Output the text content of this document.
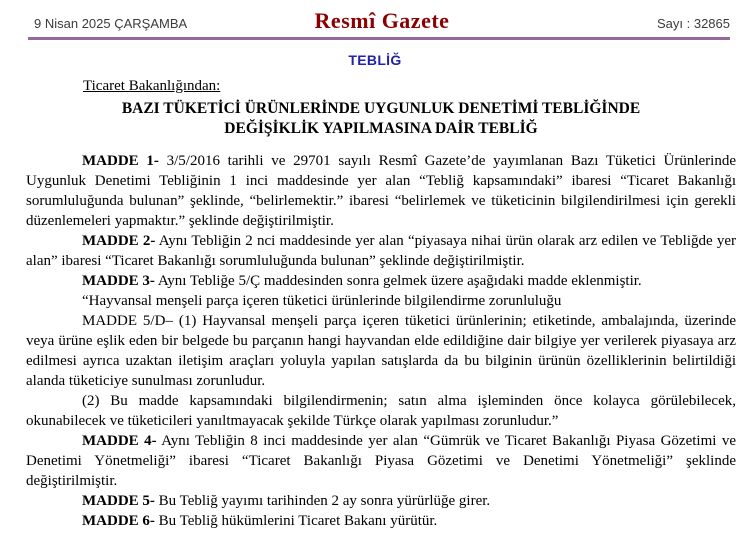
9 Nisan 2025 ÇARŞAMBA	Resmî Gazete	Sayı : 32865
TEBLİĞ
Ticaret Bakanlığından:
BAZI TÜKETİCİ ÜRÜNLERİNDE UYGUNLUK DENETİMİ TEBLİĞİNDE
DEĞİŞİKLİK YAPILMASINA DAİR TEBLİĞ

MADDE 1- 3/5/2016 tarihli ve 29701 sayılı Resmî Gazete’de yayımlanan Bazı Tüketici Ürünlerinde Uygunluk Denetimi Tebliğinin 1 inci maddesinde yer alan “Tebliğ kapsamındaki” ibaresi “Ticaret Bakanlığı sorumluluğunda bulunan” şeklinde, “belirlemektir.” ibaresi “belirlemek ve tüketicinin bilgilendirilmesi için gerekli düzenlemeleri yapmaktır.” şeklinde değiştirilmiştir.

MADDE 2- Aynı Tebliğin 2 nci maddesinde yer alan “piyasaya nihai ürün olarak arz edilen ve Tebliğde yer alan” ibaresi “Ticaret Bakanlığı sorumluluğunda bulunan” şeklinde değiştirilmiştir.

MADDE 3- Aynı Tebliğe 5/Ç maddesinden sonra gelmek üzere aşağıdaki madde eklenmiştir.

“Hayvansal menşeli parça içeren tüketici ürünlerinde bilgilendirme zorunluluğu

MADDE 5/D– (1) Hayvansal menşeli parça içeren tüketici ürünlerinin; etiketinde, ambalajında, üzerinde veya ürüne eşlik eden bir belgede bu parçanın hangi hayvandan elde edildiğine dair bilgiye yer verilerek piyasaya arz edilmesi ayrıca uzaktan iletişim araçları yoluyla yapılan satışlarda da bu bilginin ürünün özelliklerinin belirtildiği alanda tüketiciye sunulması zorunludur.

(2) Bu madde kapsamındaki bilgilendirmenin; satın alma işleminden önce kolayca görülebilecek, okunabilecek ve tüketicileri yanıltmayacak şekilde Türkçe olarak yapılması zorunludur.”

MADDE 4- Aynı Tebliğin 8 inci maddesinde yer alan “Gümrük ve Ticaret Bakanlığı Piyasa Gözetimi ve Denetimi Yönetmeliği” ibaresi “Ticaret Bakanlığı Piyasa Gözetimi ve Denetimi Yönetmeliği” şeklinde değiştirilmiştir.

MADDE 5- Bu Tebliğ yayımı tarihinden 2 ay sonra yürürlüğe girer.

MADDE 6- Bu Tebliğ hükümlerini Ticaret Bakanı yürütür.
